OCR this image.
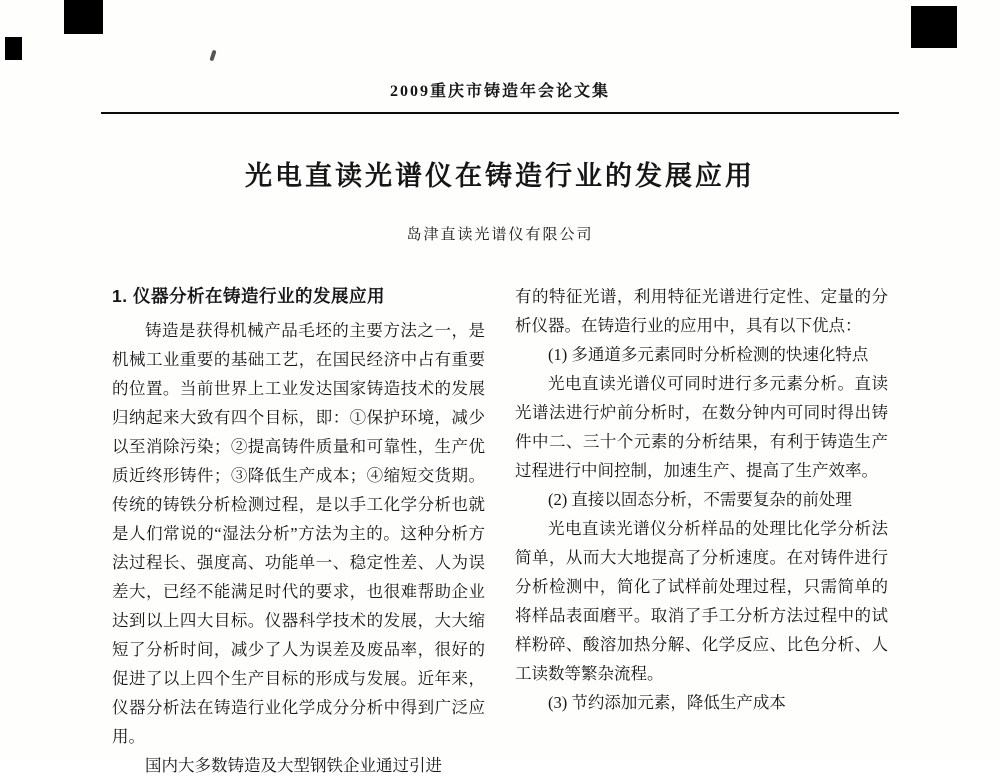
2009重庆市铸造年会论文集
光电直读光谱仪在铸造行业的发展应用
岛津直读光谱仪有限公司
1. 仪器分析在铸造行业的发展应用

铸造是获得机械产品毛坯的主要方法之一，是机械工业重要的基础工艺，在国民经济中占有重要的位置。当前世界上工业发达国家铸造技术的发展归纳起来大致有四个目标，即：①保护环境，减少以至消除污染；②提高铸件质量和可靠性，生产优质近终形铸件；③降低生产成本；④缩短交货期。传统的铸铁分析检测过程，是以手工化学分析也就是人们常说的“湿法分析”方法为主的。这种分析方法过程长、强度高、功能单一、稳定性差、人为误差大，已经不能满足时代的要求，也很难帮助企业达到以上四大目标。仪器科学技术的发展，大大缩短了分析时间，减少了人为误差及废品率，很好的促进了以上四个生产目标的形成与发展。近年来，仪器分析法在铸造行业化学成分分析中得到广泛应用。

国内大多数铸造及大型钢铁企业通过引进

有的特征光谱，利用特征光谱进行定性、定量的分析仪器。在铸造行业的应用中，具有以下优点：

(1) 多通道多元素同时分析检测的快速化特点

光电直读光谱仪可同时进行多元素分析。直读光谱法进行炉前分析时，在数分钟内可同时得出铸件中二、三十个元素的分析结果，有利于铸造生产过程进行中间控制，加速生产、提高了生产效率。

(2) 直接以固态分析，不需要复杂的前处理

光电直读光谱仪分析样品的处理比化学分析法简单，从而大大地提高了分析速度。在对铸件进行分析检测中，简化了试样前处理过程，只需简单的将样品表面磨平。取消了手工分析方法过程中的试样粉碎、酸溶加热分解、化学反应、比色分析、人工读数等繁杂流程。

(3) 节约添加元素，降低生产成本
